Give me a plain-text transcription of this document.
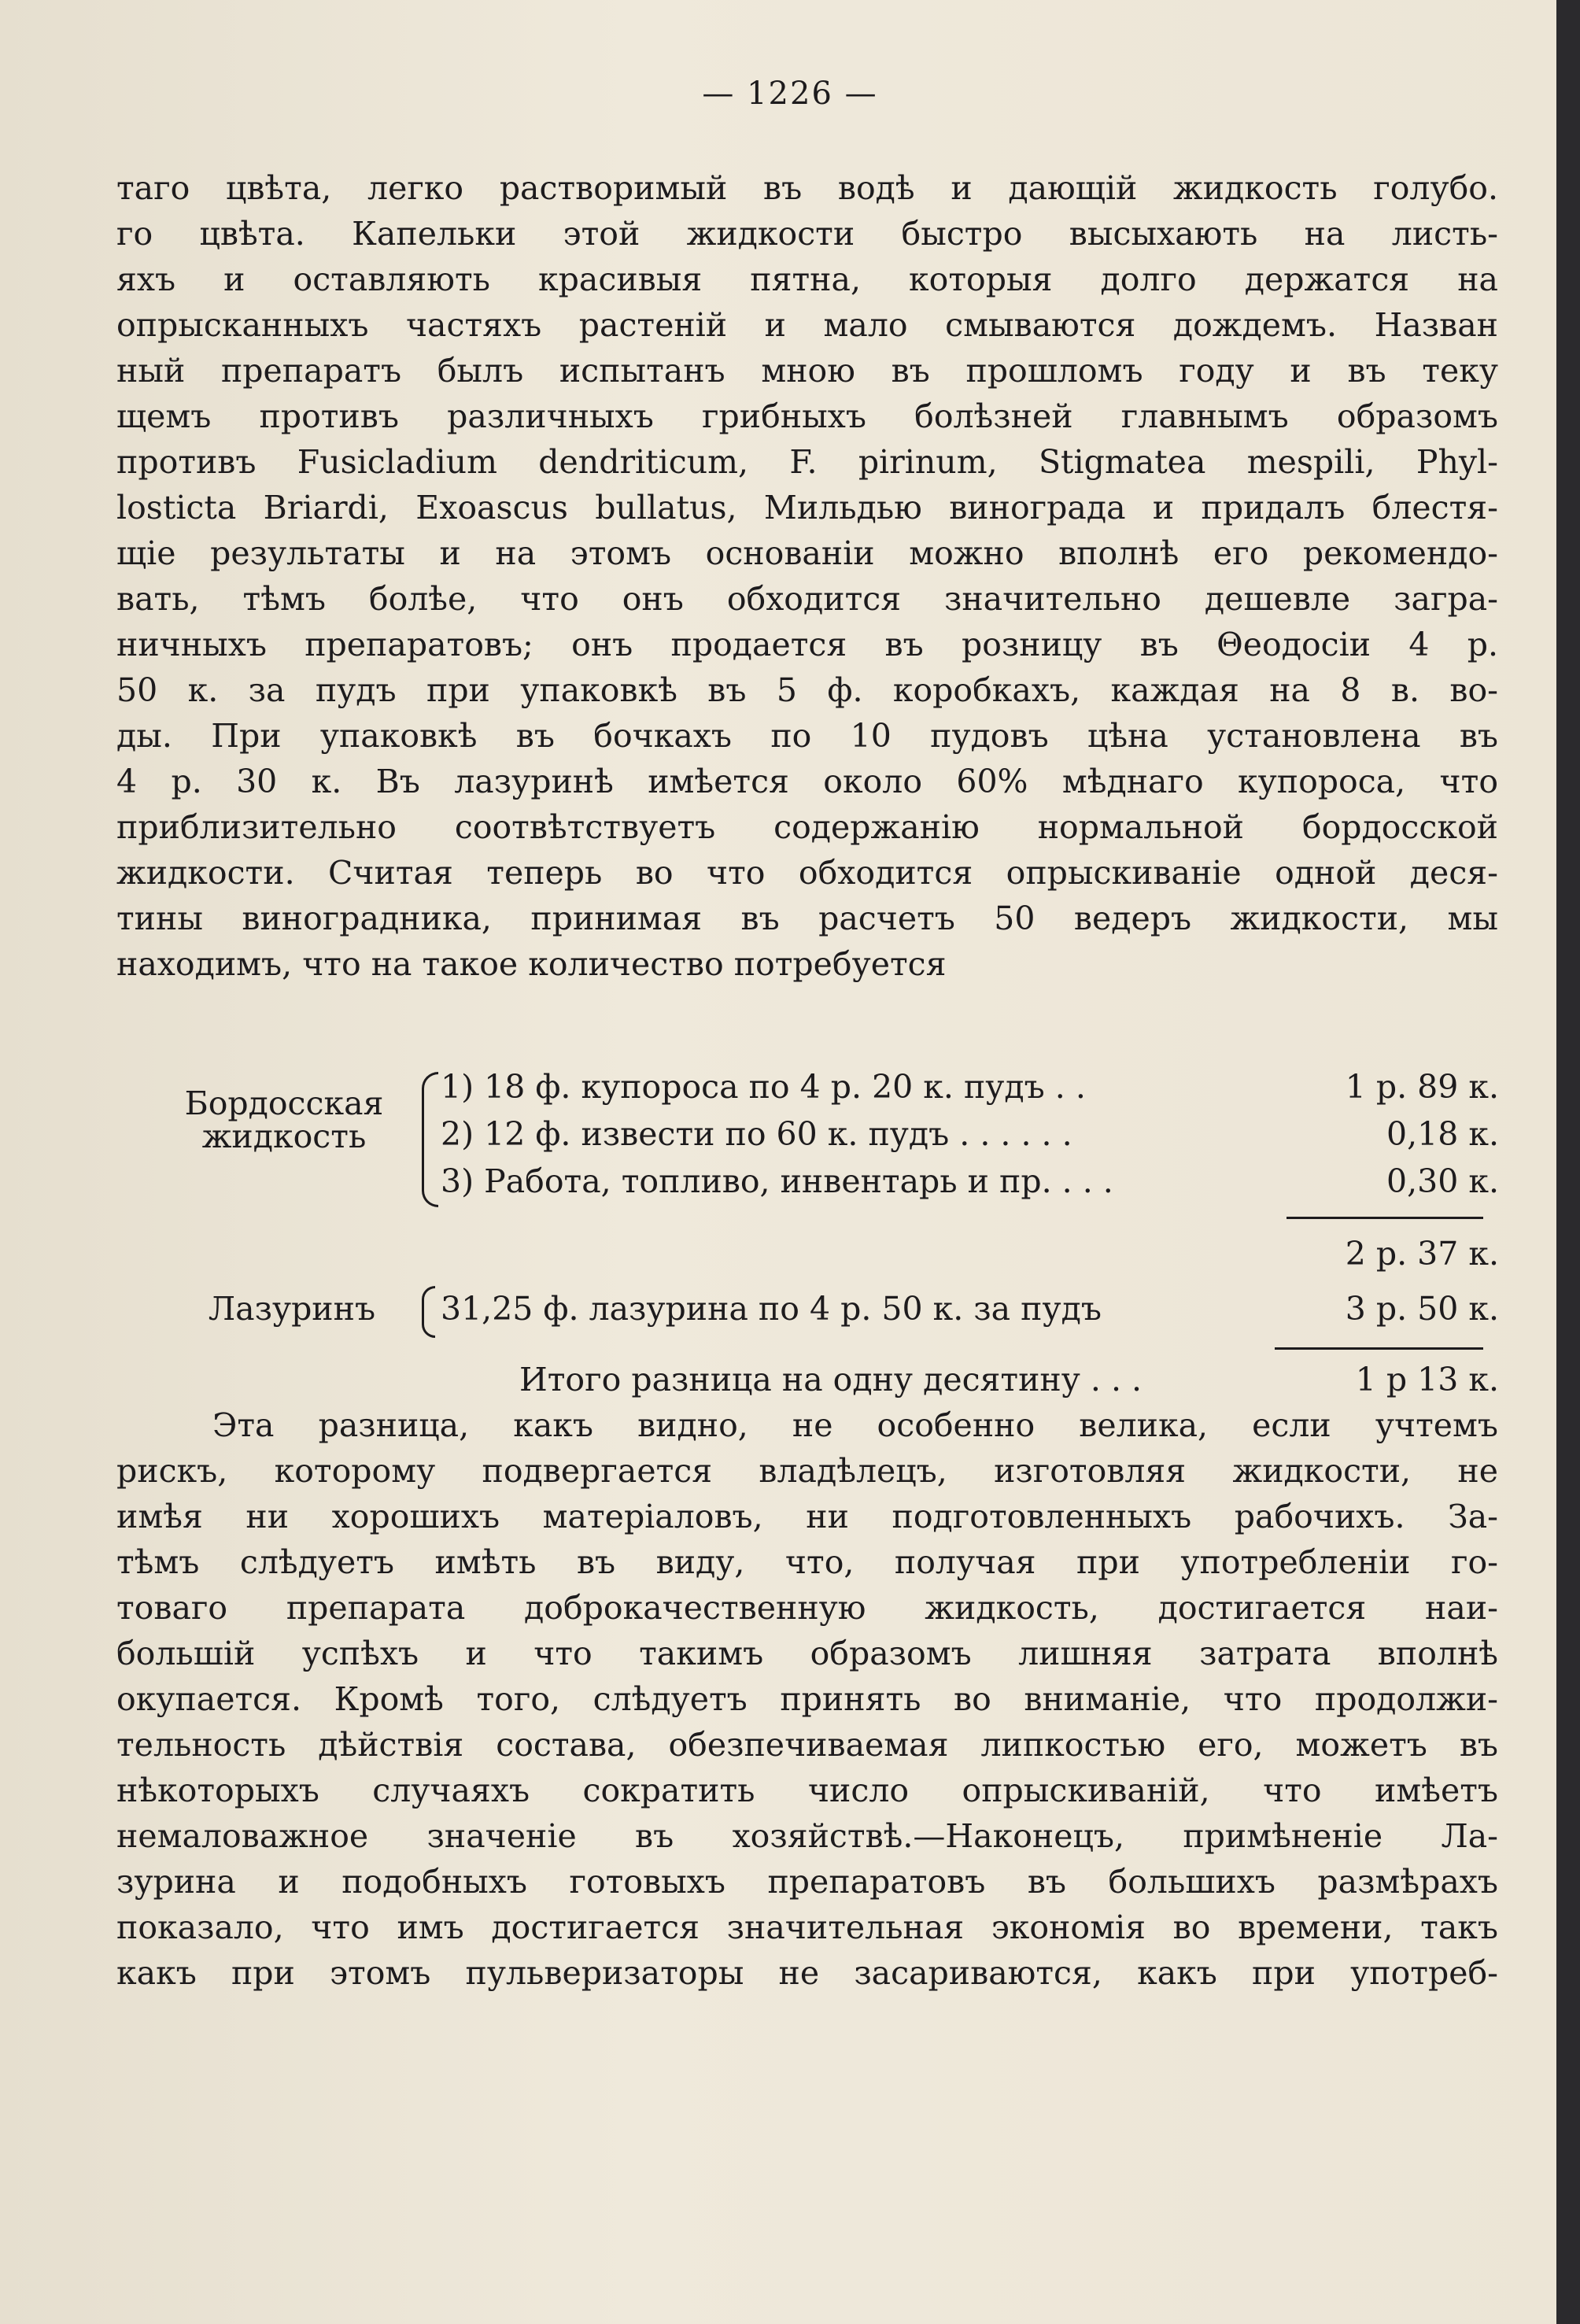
— 1226 —
таго цвѣта, легко растворимый въ водѣ и дающій жидкость голубо.
го цвѣта. Капельки этой жидкости быстро высыхають на листь-
яхъ и оставляють красивыя пятна, которыя долго держатся на
опрысканныхъ частяхъ растеній и мало смываются дождемъ. Назван
ный препаратъ былъ испытанъ мною въ прошломъ году и въ теку
щемъ противъ различныхъ грибныхъ болѣзней главнымъ образомъ
противъ Fusicladium dendriticum, F. pirinum, Stigmatea mespili, Phyl-
losticta Briardi, Exoascus bullatus, Мильдью винограда и придалъ блестя-
щіе результаты и на этомъ основаніи можно вполнѣ его рекомендо-
вать, тѣмъ болѣе, что онъ обходится значительно дешевле загра-
ничныхъ препаратовъ; онъ продается въ розницу въ Θеодосіи 4 р.
50 к. за пудъ при упаковкѣ въ 5 ф. коробкахъ, каждая на 8 в. во-
ды. При упаковкѣ въ бочкахъ по 10 пудовъ цѣна установлена въ
4 р. 30 к. Въ лазуринѣ имѣется около 60% мѣднаго купороса, что
приблизительно соотвѣтствуетъ содержанію нормальной бордосской
жидкости. Считая теперь во что обходится опрыскиваніе одной деся-
тины виноградника, принимая въ расчетъ 50 ведеръ жидкости, мы
находимъ, что на такое количество потребуется
Бордосская
жидкость
1) 18 ф. купороса по 4 р. 20 к. пудъ . .	1 р. 89 к.
2) 12 ф. извести по 60 к. пудъ . . . . . .	0,18 к.
3) Работа, топливо, инвентарь и пр. . . .	0,30 к.
2 р. 37 к.
Лазуринъ	31,25 ф. лазурина по 4 р. 50 к. за пудъ	3 р. 50 к.
Итого разница на одну десятину . . .	1 р 13 к.
Эта разница, какъ видно, не особенно велика, если учтемъ
рискъ, которому подвергается владѣлецъ, изготовляя жидкости, не
имѣя ни хорошихъ матеріаловъ, ни подготовленныхъ рабочихъ. За-
тѣмъ слѣдуетъ имѣть въ виду, что, получая при употребленіи го-
товаго препарата доброкачественную жидкость, достигается наи-
большій успѣхъ и что такимъ образомъ лишняя затрата вполнѣ
окупается. Кромѣ того, слѣдуетъ принять во вниманіе, что продолжи-
тельность дѣйствія состава, обезпечиваемая липкостью его, можетъ въ
нѣкоторыхъ случаяхъ сократить число опрыскиваній, что имѣетъ
немаловажное значеніе въ хозяйствѣ.—Наконецъ, примѣненіе Ла-
зурина и подобныхъ готовыхъ препаратовъ въ большихъ размѣрахъ
показало, что имъ достигается значительная экономія во времени, такъ
какъ при этомъ пульверизаторы не засариваются, какъ при употреб-
